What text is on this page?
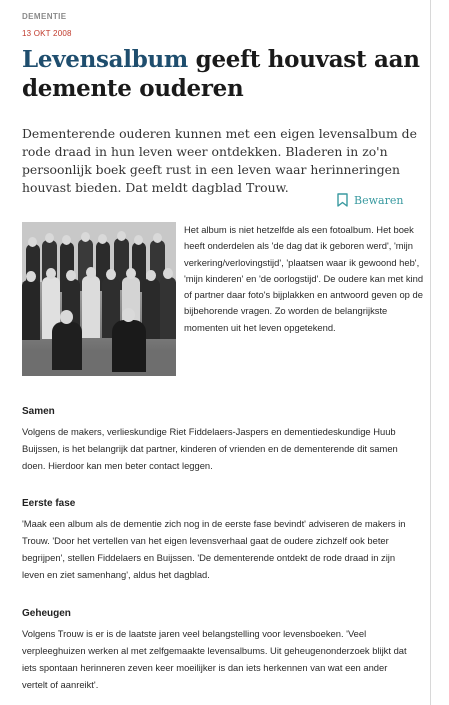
DEMENTIE
13 OKT 2008
Levensalbum geeft houvast aan demente ouderen

Dementerende ouderen kunnen met een eigen levensalbum de rode draad in hun leven weer ontdekken. Bladeren in zo'n persoonlijk boek geeft rust in een leven waar herinneringen houvast bieden. Dat meldt dagblad Trouw.

Bewaren

Het album is niet hetzelfde als een fotoalbum. Het boek heeft onderdelen als 'de dag dat ik geboren werd', 'mijn verkering/verlovingstijd', 'plaatsen waar ik gewoond heb', 'mijn kinderen' en 'de oorlogstijd'. De oudere kan met kind of partner daar foto's bijplakken en antwoord geven op de bijbehorende vragen. Zo worden de belangrijkste momenten uit het leven opgetekend.

Samen

Volgens de makers, verlieskundige Riet Fiddelaers-Jaspers en dementiedeskundige Huub Buijssen, is het belangrijk dat partner, kinderen of vrienden en de dementerende dit samen doen. Hierdoor kan men beter contact leggen.

Eerste fase

'Maak een album als de dementie zich nog in de eerste fase bevindt' adviseren de makers in Trouw. 'Door het vertellen van het eigen levensverhaal gaat de oudere zichzelf ook beter begrijpen', stellen Fiddelaers en Buijssen. 'De dementerende ontdekt de rode draad in zijn leven en ziet samenhang', aldus het dagblad.

Geheugen

Volgens Trouw is er is de laatste jaren veel belangstelling voor levensboeken. 'Veel verpleeghuizen werken al met zelfgemaakte levensalbums. Uit geheugenonderzoek blijkt dat iets spontaan herinneren zeven keer moeilijker is dan iets herkennen van wat een ander vertelt of aanreikt'.
